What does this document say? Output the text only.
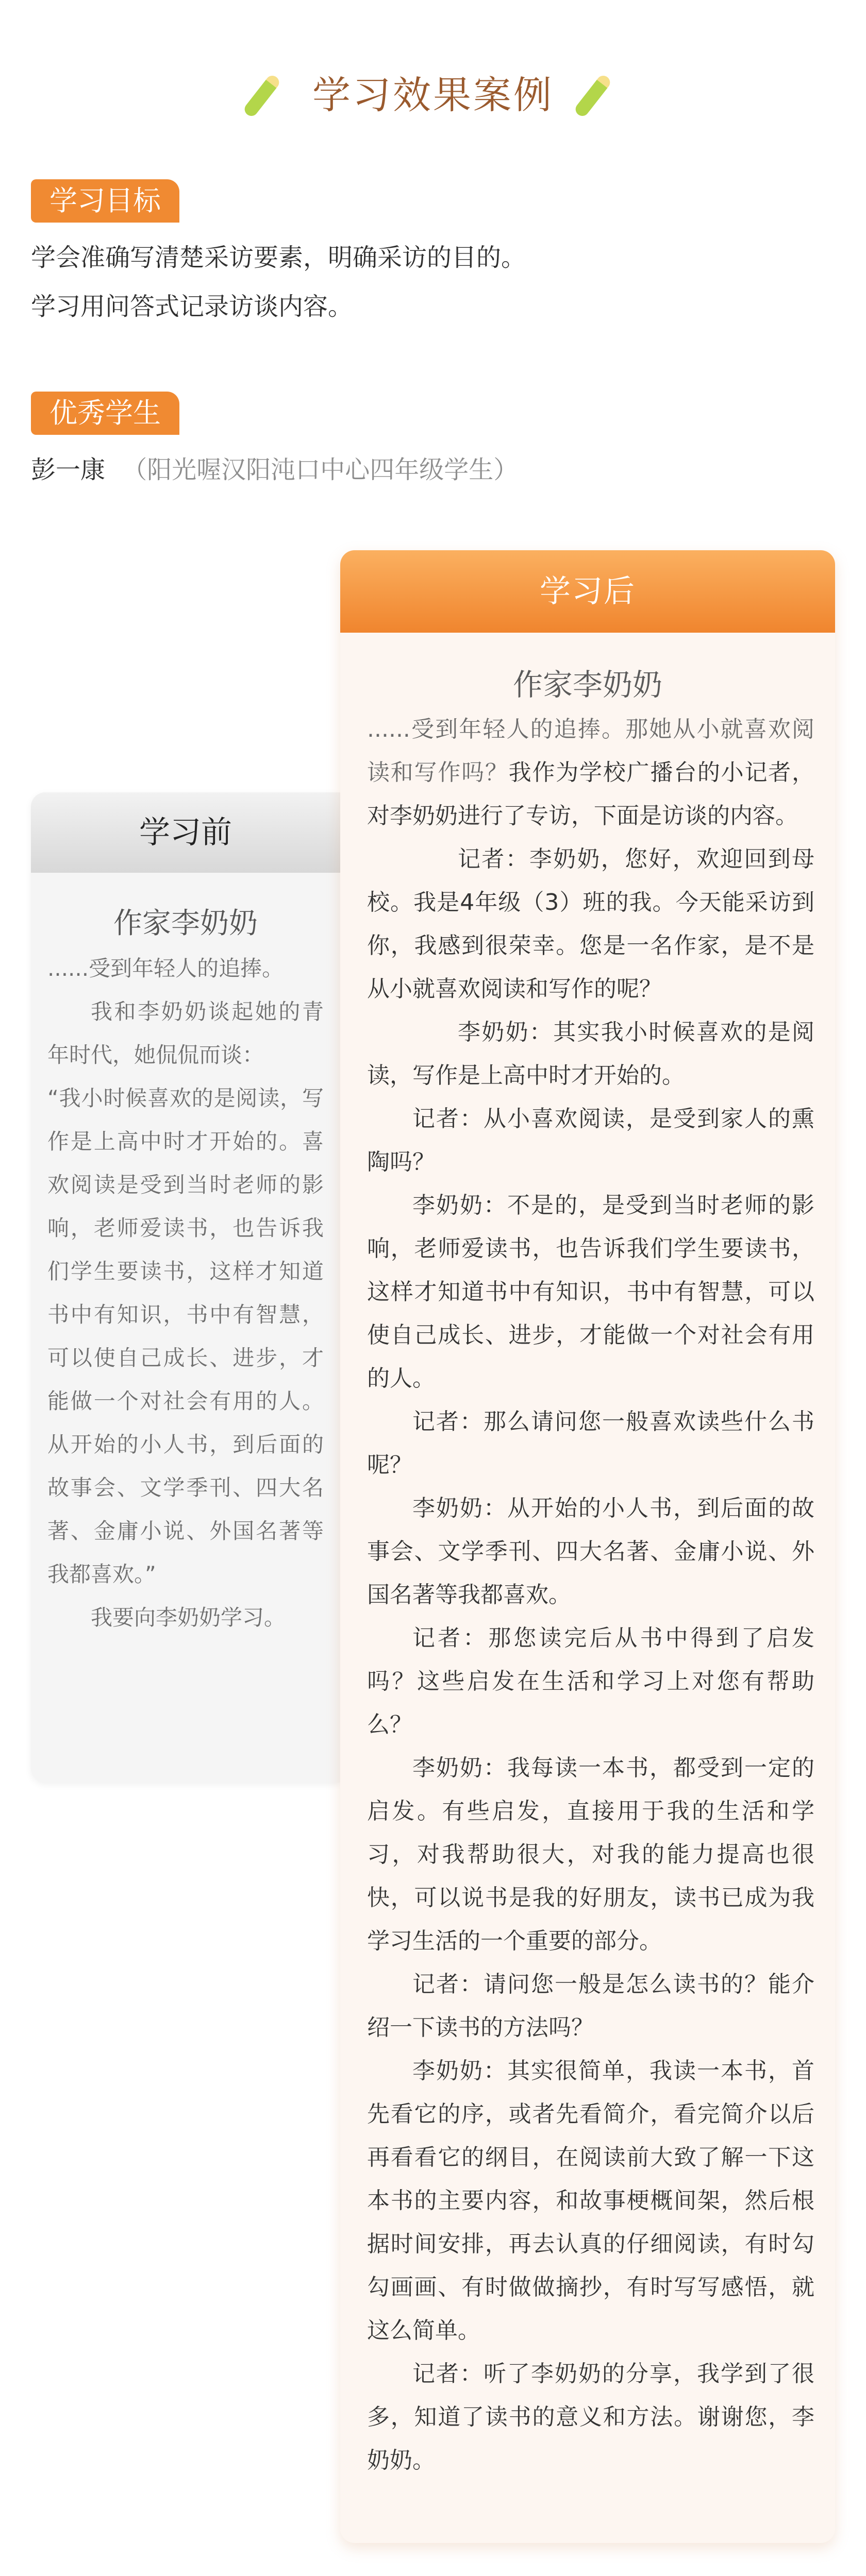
学习效果案例
学习目标
学会准确写清楚采访要素，明确采访的目的。
学习用问答式记录访谈内容。
优秀学生
彭一康 （阳光喔汉阳沌口中心四年级学生）
学习前
作家李奶奶

......受到年轻人的追捧。

我和李奶奶谈起她的青年时代，她侃侃而谈：

“我小时候喜欢的是阅读，写作是上高中时才开始的。喜欢阅读是受到当时老师的影响，老师爱读书，也告诉我们学生要读书，这样才知道书中有知识，书中有智慧，可以使自己成长、进步，才能做一个对社会有用的人。从开始的小人书，到后面的故事会、文学季刊、四大名著、金庸小说、外国名著等我都喜欢。”

我要向李奶奶学习。

学习后
作家李奶奶

......受到年轻人的追捧。那她从小就喜欢阅读和写作吗？我作为学校广播台的小记者，对李奶奶进行了专访，下面是访谈的内容。

记者：李奶奶，您好，欢迎回到母校。我是4年级（3）班的我。今天能采访到你，我感到很荣幸。您是一名作家，是不是从小就喜欢阅读和写作的呢？

李奶奶：其实我小时候喜欢的是阅读，写作是上高中时才开始的。

记者：从小喜欢阅读，是受到家人的熏陶吗？

李奶奶：不是的，是受到当时老师的影响，老师爱读书，也告诉我们学生要读书，这样才知道书中有知识，书中有智慧，可以使自己成长、进步，才能做一个对社会有用的人。

记者：那么请问您一般喜欢读些什么书呢？

李奶奶：从开始的小人书，到后面的故事会、文学季刊、四大名著、金庸小说、外国名著等我都喜欢。

记者：那您读完后从书中得到了启发吗？这些启发在生活和学习上对您有帮助么？

李奶奶：我每读一本书，都受到一定的启发。有些启发，直接用于我的生活和学习，对我帮助很大，对我的能力提高也很快，可以说书是我的好朋友，读书已成为我学习生活的一个重要的部分。

记者：请问您一般是怎么读书的？能介绍一下读书的方法吗？

李奶奶：其实很简单，我读一本书，首先看它的序，或者先看简介，看完简介以后再看看它的纲目，在阅读前大致了解一下这本书的主要内容，和故事梗概间架，然后根据时间安排，再去认真的仔细阅读，有时勾勾画画、有时做做摘抄，有时写写感悟，就这么简单。

记者：听了李奶奶的分享，我学到了很多，知道了读书的意义和方法。谢谢您，李奶奶。
